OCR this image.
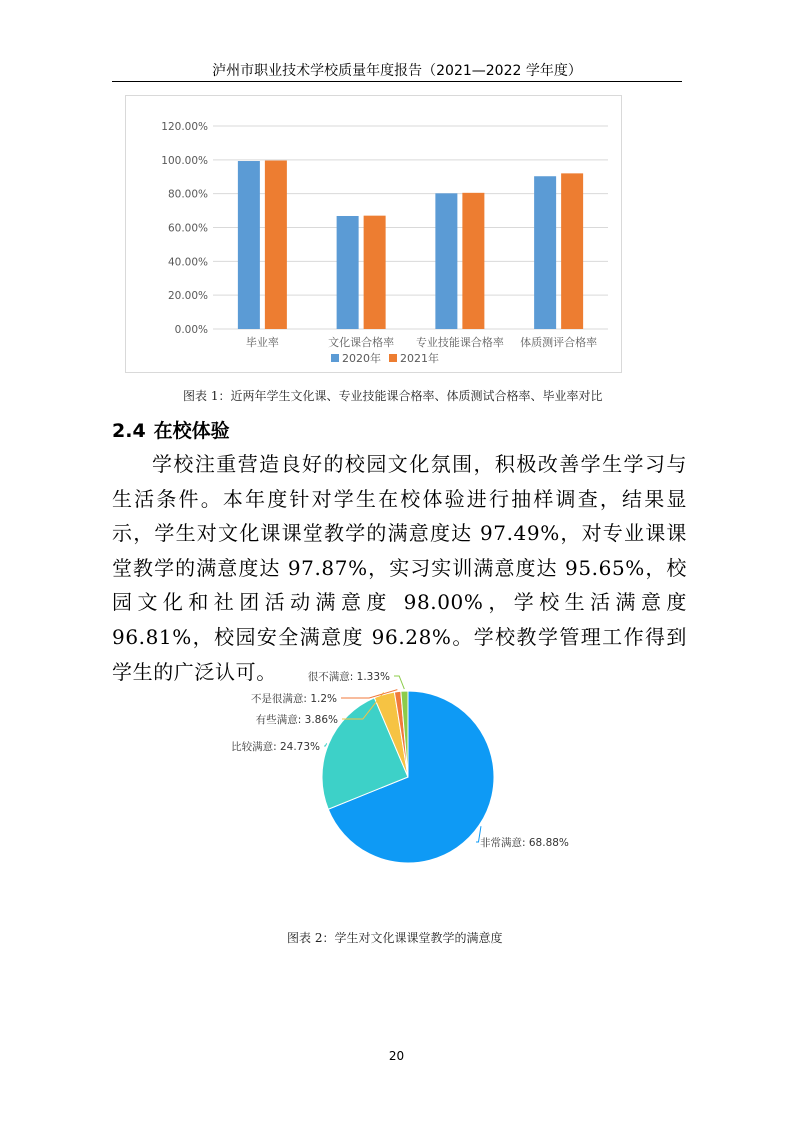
泸州市职业技术学校质量年度报告（2021—2022 学年度）
0.00%
20.00%
40.00%
60.00%
80.00%
100.00%
120.00%
毕业率	文化课合格率 专业技能课合格率 体质测评合格率
2020年 2021年
图表 1：近两年学生文化课、专业技能课合格率、体质测试合格率、毕业率对比
2.4 在校体验

学校注重营造良好的校园文化氛围，积极改善学生学习与生活条件。本年度针对学生在校体验进行抽样调查，结果显示，学生对文化课课堂教学的满意度达 97.49%，对专业课课堂教学的满意度达 97.87%，实习实训满意度达 95.65%，校园文化和社团活动满意度 98.00%，学校生活满意度 96.81%，校园安全满意度 96.28%。学校教学管理工作得到学生的广泛认可。

非常满意: 68.88%
比较满意: 24.73%
有些满意: 3.86%
不是很满意: 1.2%
很不满意: 1.33%
图表 2：学生对文化课课堂教学的满意度
20
